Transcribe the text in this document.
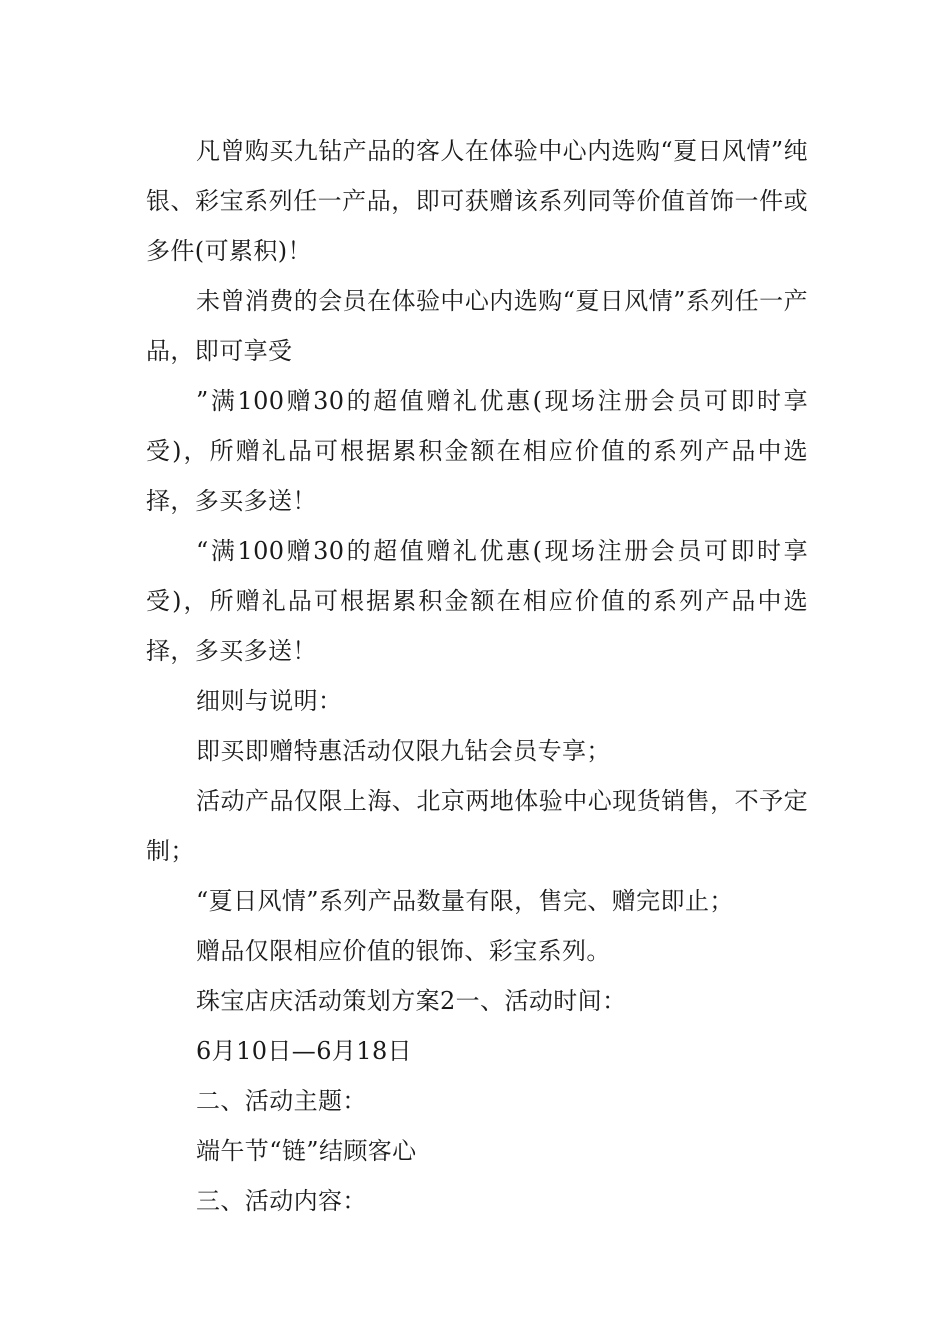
凡曾购买九钻产品的客人在体验中心内选购“夏日风情”纯银、彩宝系列任一产品，即可获赠该系列同等价值首饰一件或多件(可累积)！

未曾消费的会员在体验中心内选购“夏日风情”系列任一产品，即可享受

”满100赠30的超值赠礼优惠(现场注册会员可即时享受)，所赠礼品可根据累积金额在相应价值的系列产品中选择，多买多送！

“满100赠30的超值赠礼优惠(现场注册会员可即时享受)，所赠礼品可根据累积金额在相应价值的系列产品中选择，多买多送！

细则与说明：

即买即赠特惠活动仅限九钻会员专享；

活动产品仅限上海、北京两地体验中心现货销售，不予定制；

“夏日风情”系列产品数量有限，售完、赠完即止；

赠品仅限相应价值的银饰、彩宝系列。

珠宝店庆活动策划方案2一、活动时间：

6月10日—6月18日

二、活动主题：

端午节“链”结顾客心

三、活动内容：
